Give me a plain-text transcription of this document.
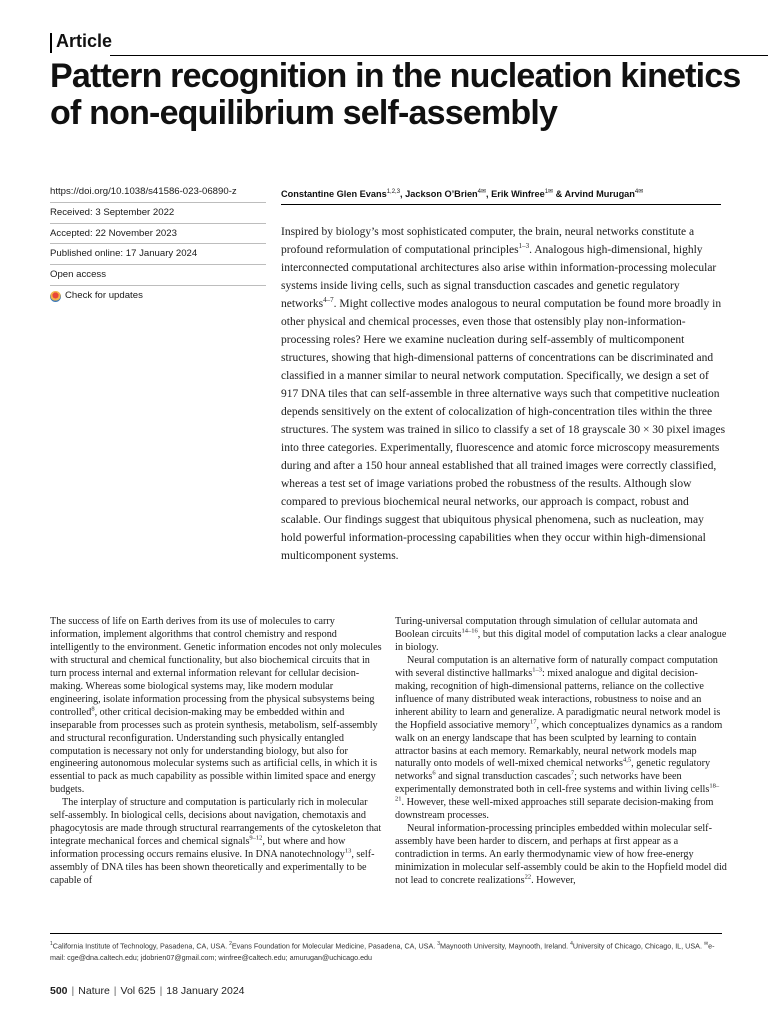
Article
Pattern recognition in the nucleation kinetics of non-equilibrium self-assembly
https://doi.org/10.1038/s41586-023-06890-z
Received: 3 September 2022
Accepted: 22 November 2023
Published online: 17 January 2024
Open access
Check for updates
Constantine Glen Evans$^{1,2,3}$, Jackson O’Brien$^{4✉}$, Erik Winfree$^{1✉}$ & Arvind Murugan$^{4✉}$

Inspired by biology’s most sophisticated computer, the brain, neural networks constitute a profound reformulation of computational principles$^{1-3}$. Analogous high-dimensional, highly interconnected computational architectures also arise within information-processing molecular systems inside living cells, such as signal transduction cascades and genetic regulatory networks$^{4-7}$. Might collective modes analogous to neural computation be found more broadly in other physical and chemical processes, even those that ostensibly play non-information-processing roles? Here we examine nucleation during self-assembly of multicomponent structures, showing that high-dimensional patterns of concentrations can be discriminated and classified in a manner similar to neural network computation. Specifically, we design a set of 917 DNA tiles that can self-assemble in three alternative ways such that competitive nucleation depends sensitively on the extent of colocalization of high-concentration tiles within the three structures. The system was trained in silico to classify a set of 18 grayscale 30 × 30 pixel images into three categories. Experimentally, fluorescence and atomic force microscopy measurements during and after a 150 hour anneal established that all trained images were correctly classified, whereas a test set of image variations probed the robustness of the results. Although slow compared to previous biochemical neural networks, our approach is compact, robust and scalable. Our findings suggest that ubiquitous physical phenomena, such as nucleation, may hold powerful information-processing capabilities when they occur within high-dimensional multicomponent systems.

The success of life on Earth derives from its use of molecules to carry information, implement algorithms that control chemistry and respond intelligently to the environment. Genetic information encodes not only molecules with structural and chemical functionality, but also biochemical circuits that in turn process internal and external information relevant for cellular decision-making. Whereas some biological systems may, like modern modular engineering, isolate information processing from the physical subsystems being controlled$^8$, other critical decision-making may be embedded within and inseparable from processes such as protein synthesis, metabolism, self-assembly and structural reconfiguration. Understanding such physically entangled computation is necessary not only for understanding biology, but also for engineering autonomous molecular systems such as artificial cells, in which it is essential to pack as much capability as possible within limited space and energy budgets.

The interplay of structure and computation is particularly rich in molecular self-assembly. In biological cells, decisions about navigation, chemotaxis and phagocytosis are made through structural rearrangements of the cytoskeleton that integrate mechanical forces and chemical signals$^{9-12}$, but where and how information processing occurs remains elusive. In DNA nanotechnology$^{13}$, self-assembly of DNA tiles has been shown theoretically and experimentally to be capable of

Turing-universal computation through simulation of cellular automata and Boolean circuits$^{14-16}$, but this digital model of computation lacks a clear analogue in biology.

Neural computation is an alternative form of naturally compact computation with several distinctive hallmarks$^{1-3}$: mixed analogue and digital decision-making, recognition of high-dimensional patterns, reliance on the collective influence of many distributed weak interactions, robustness to noise and an inherent ability to learn and generalize. A paradigmatic neural network model is the Hopfield associative memory$^{17}$, which conceptualizes dynamics as a random walk on an energy landscape that has been sculpted by learning to contain attractor basins at each memory. Remarkably, neural network models map naturally onto models of well-mixed chemical networks$^{4,5}$, genetic regulatory networks$^6$ and signal transduction cascades$^7$; such networks have been experimentally demonstrated both in cell-free systems and within living cells$^{18-21}$. However, these well-mixed approaches still separate decision-making from downstream processes.

Neural information-processing principles embedded within molecular self-assembly have been harder to discern, and perhaps at first appear as a contradiction in terms. An early thermodynamic view of how free-energy minimization in molecular self-assembly could be akin to the Hopfield model did not lead to concrete realizations$^{22}$. However,

$^1$California Institute of Technology, Pasadena, CA, USA. $^2$Evans Foundation for Molecular Medicine, Pasadena, CA, USA. $^3$Maynooth University, Maynooth, Ireland. $^4$University of Chicago, Chicago, IL, USA. ✉e-mail: cge@dna.caltech.edu; jdobrien07@gmail.com; winfree@caltech.edu; amurugan@uchicago.edu
500 | Nature | Vol 625 | 18 January 2024
